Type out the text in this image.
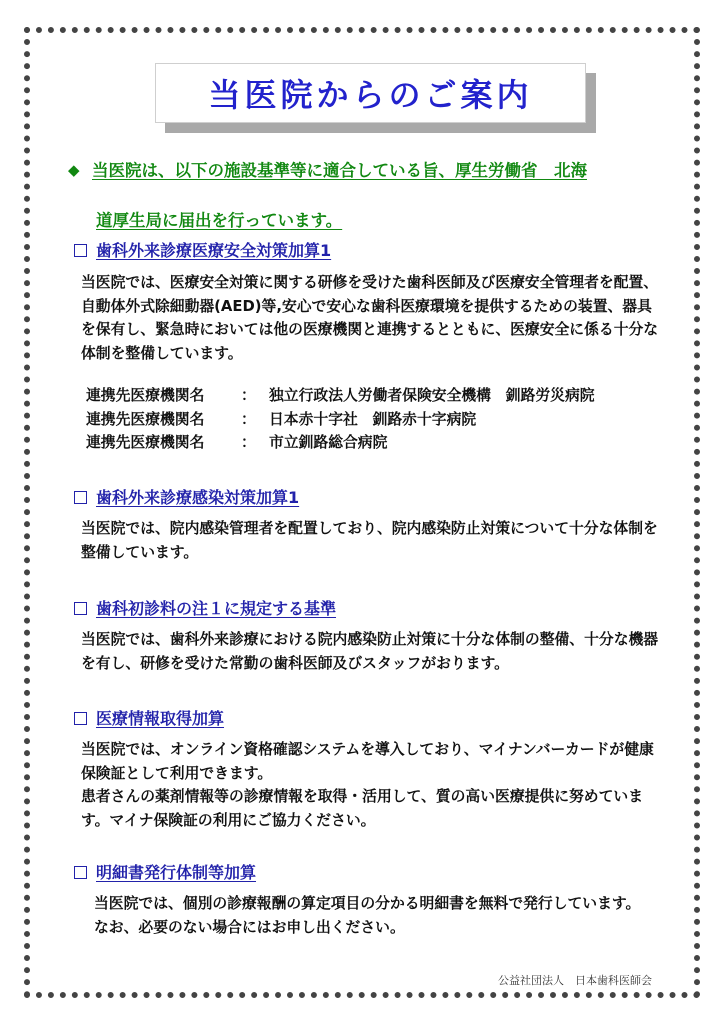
当医院からのご案内
◆ 当医院は、以下の施設基準等に適合している旨、厚生労働省　北海
道厚生局に届出を行っています。
歯科外来診療医療安全対策加算1
当医院では、医療安全対策に関する研修を受けた歯科医師及び医療安全管理者を配置、自動体外式除細動器(AED)等,安心で安心な歯科医療環境を提供するための装置、器具を保有し、緊急時においては他の医療機関と連携するとともに、医療安全に係る十分な体制を整備しています。
連携先医療機関名	： 独立行政法人労働者保険安全機構　釧路労災病院
連携先医療機関名	： 日本赤十字社　釧路赤十字病院
連携先医療機関名	： 市立釧路総合病院
歯科外来診療感染対策加算1
当医院では、院内感染管理者を配置しており、院内感染防止対策について十分な体制を整備しています。
歯科初診料の注１に規定する基準
当医院では、歯科外来診療における院内感染防止対策に十分な体制の整備、十分な機器を有し、研修を受けた常勤の歯科医師及びスタッフがおります。
医療情報取得加算
当医院では、オンライン資格確認システムを導入しており、マイナンバーカードが健康保険証として利用できます。
患者さんの薬剤情報等の診療情報を取得・活用して、質の高い医療提供に努めています。マイナ保険証の利用にご協力ください。
明細書発行体制等加算
当医院では、個別の診療報酬の算定項目の分かる明細書を無料で発行しています。
なお、必要のない場合にはお申し出ください。
公益社団法人　日本歯科医師会
